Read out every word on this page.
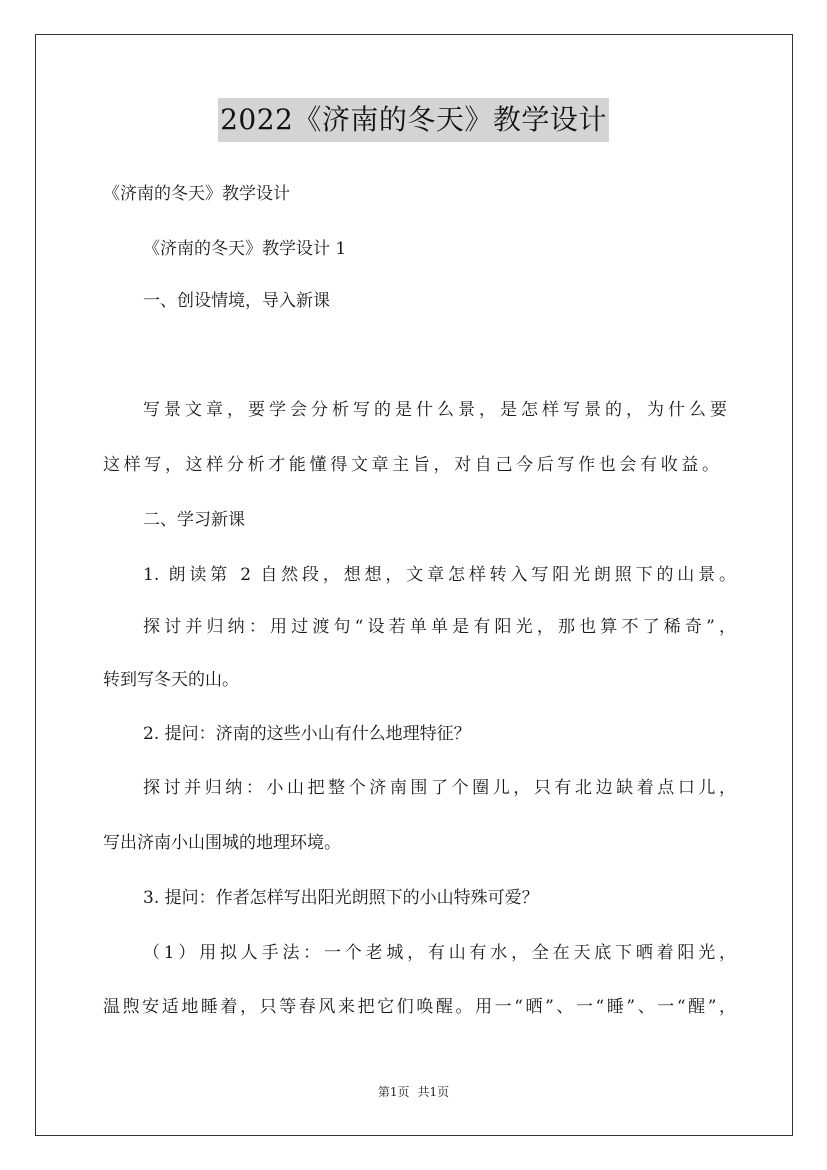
2022《济南的冬天》教学设计
《济南的冬天》教学设计
《济南的冬天》教学设计 1
一、创设情境，导入新课
写景文章，要学会分析写的是什么景，是怎样写景的，为什么要
这样写，这样分析才能懂得文章主旨，对自己今后写作也会有收益。
二、学习新课
1. 朗读第 2 自然段，想想，文章怎样转入写阳光朗照下的山景。
探讨并归纳：用过渡句“设若单单是有阳光，那也算不了稀奇”，
转到写冬天的山。
2. 提问：济南的这些小山有什么地理特征？
探讨并归纳：小山把整个济南围了个圈儿，只有北边缺着点口儿，
写出济南小山围城的地理环境。
3. 提问：作者怎样写出阳光朗照下的小山特殊可爱？
（1）用拟人手法：一个老城，有山有水，全在天底下晒着阳光，
温煦安适地睡着，只等春风来把它们唤醒。用一“晒”、一“睡”、一“醒”，
第1页 共1页
